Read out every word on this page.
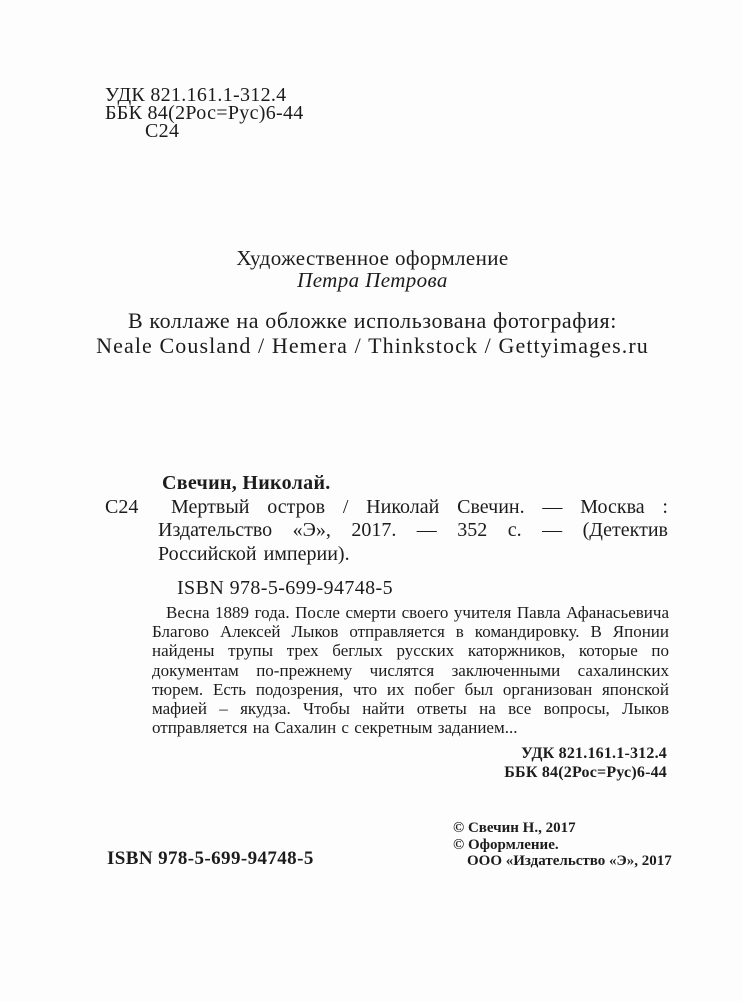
УДК 821.161.1-312.4
ББК 84(2Рос=Рус)6-44
С24
Художественное оформление
Петра Петрова
В коллаже на обложке использована фотография:
Neale Cousland / Hemera / Thinkstock / Gettyimages.ru
Свечин, Николай.
С24	Мертвый остров / Николай Свечин. — Москва : Издательство «Э», 2017. — 352 с. — (Детектив Российской империи).
ISBN 978-5-699-94748-5
Весна 1889 года. После смерти своего учителя Павла Афанасьевича Благово Алексей Лыков отправляется в командировку. В Японии найдены трупы трех беглых русских каторжников, которые по документам по-прежнему числятся заключенными сахалинских тюрем. Есть подозрения, что их побег был организован японской мафией – якудза. Чтобы найти ответы на все вопросы, Лыков отправляется на Сахалин с секретным заданием...
УДК 821.161.1-312.4
ББК 84(2Рос=Рус)6-44
© Свечин Н., 2017
© Оформление.
ООО «Издательство «Э», 2017
ISBN 978-5-699-94748-5
